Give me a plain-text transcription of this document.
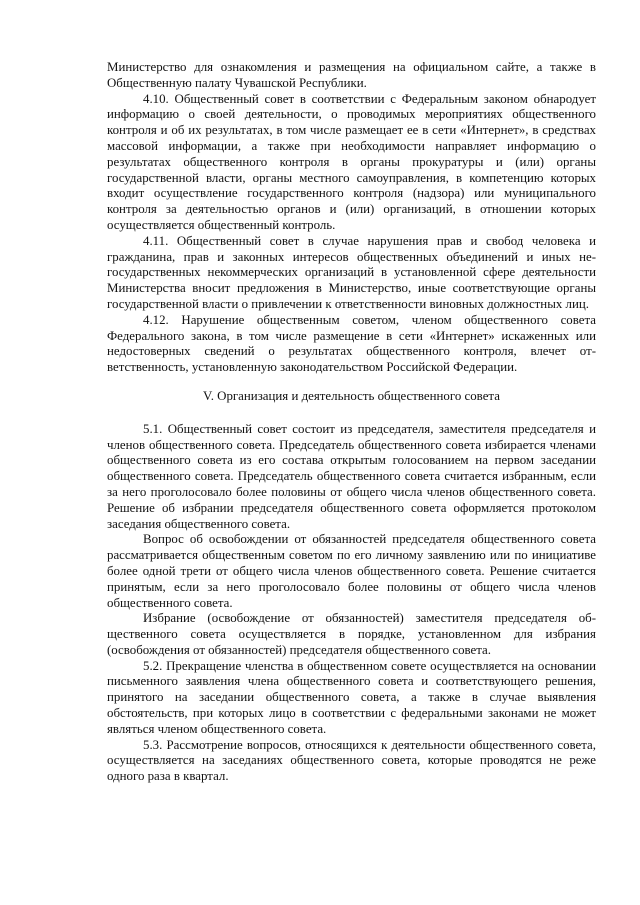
Министерство для ознакомления и размещения на официальном сайте, а также в Общественную палату Чувашской Республики.

4.10. Общественный совет в соответствии с Федеральным законом обнародует информацию о своей деятельности, о проводимых мероприятиях общественного контроля и об их результатах, в том числе размещает ее в сети «Интернет», в средствах массовой информации, а также при необходимости направляет информацию о результатах общественного контроля в органы прокуратуры и (или) органы государственной власти, органы местного самоуправления, в компетенцию которых входит осуществление государственного контроля (надзора) или муниципального контроля за деятельностью органов и (или) организаций, в отношении которых осуществляется общественный контроль.

4.11. Общественный совет в случае нарушения прав и свобод человека и гражданина, прав и законных интересов общественных объединений и иных негосударственных некоммерческих организаций в установленной сфере деятельности Министерства вносит предложения в Министерство, иные соответствующие органы государственной власти о привлечении к ответственности виновных должностных лиц.

4.12. Нарушение общественным советом, членом общественного совета Федерального закона, в том числе размещение в сети «Интернет» искаженных или недостоверных сведений о результатах общественного контроля, влечет ответственность, установленную законодательством Российской Федерации.

V. Организация и деятельность общественного совета

5.1. Общественный совет состоит из председателя, заместителя председателя и членов общественного совета. Председатель общественного совета избирается членами общественного совета из его состава открытым голосованием на первом заседании общественного совета. Председатель общественного совета считается избранным, если за него проголосовало более половины от общего числа членов общественного совета. Решение об избрании председателя общественного совета оформляется протоколом заседания общественного совета.

Вопрос об освобождении от обязанностей председателя общественного совета рассматривается общественным советом по его личному заявлению или по инициативе более одной трети от общего числа членов общественного совета. Решение считается принятым, если за него проголосовало более половины от общего числа членов общественного совета.

Избрание (освобождение от обязанностей) заместителя председателя общественного совета осуществляется в порядке, установленном для избрания (освобождения от обязанностей) председателя общественного совета.

5.2. Прекращение членства в общественном совете осуществляется на основании письменного заявления члена общественного совета и соответствующего решения, принятого на заседании общественного совета, а также в случае выявления обстоятельств, при которых лицо в соответствии с федеральными законами не может являться членом общественного совета.

5.3. Рассмотрение вопросов, относящихся к деятельности общественного совета, осуществляется на заседаниях общественного совета, которые проводятся не реже одного раза в квартал.
